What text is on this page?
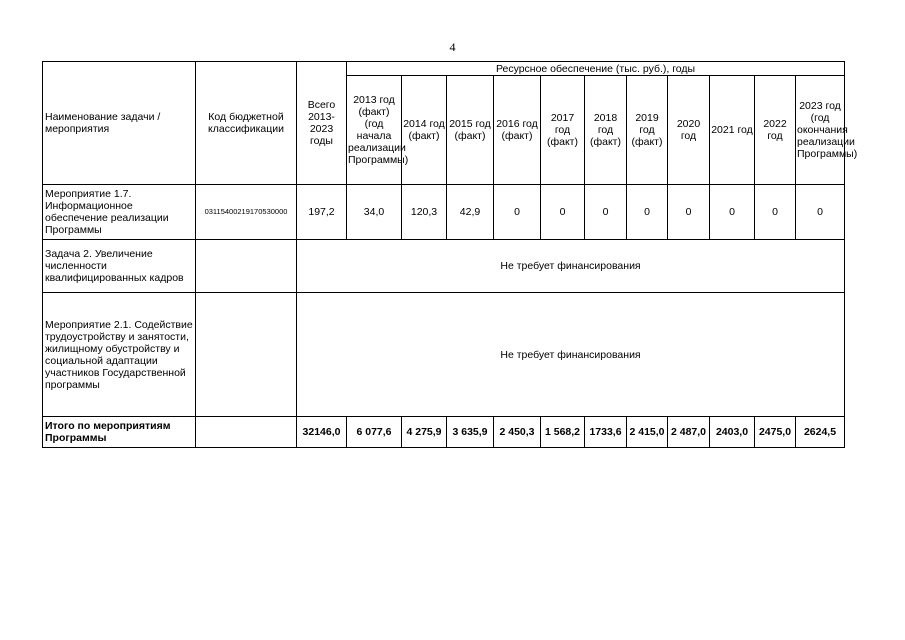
4
Наименование задачи / мероприятия	Код бюджетной классификации	Всего 2013-2023 годы	Ресурсное обеспечение (тыс. руб.), годы										
			2013 год (факт) (год начала реализации Программы)	2014 год (факт)	2015 год (факт)	2016 год (факт)	2017 год (факт)	2018 год (факт)	2019 год (факт)	2020 год	2021 год	2022 год	2023 год (год окончания реализации Программы)
Мероприятие 1.7. Информационное обеспечение реализации Программы	03115400219170530000	197,2	34,0	120,3	42,9	0	0	0	0	0	0	0	0
Задача 2. Увеличение численности квалифицированных кадров		Не требует финансирования											
Мероприятие 2.1. Содействие трудоустройству и занятости, жилищному обустройству и социальной адаптации участников Государственной программы		Не требует финансирования											
Итого по мероприятиям Программы		32146,0	6 077,6	4 275,9	3 635,9	2 450,3	1 568,2	1733,6	2 415,0	2 487,0	2403,0	2475,0	2624,5
